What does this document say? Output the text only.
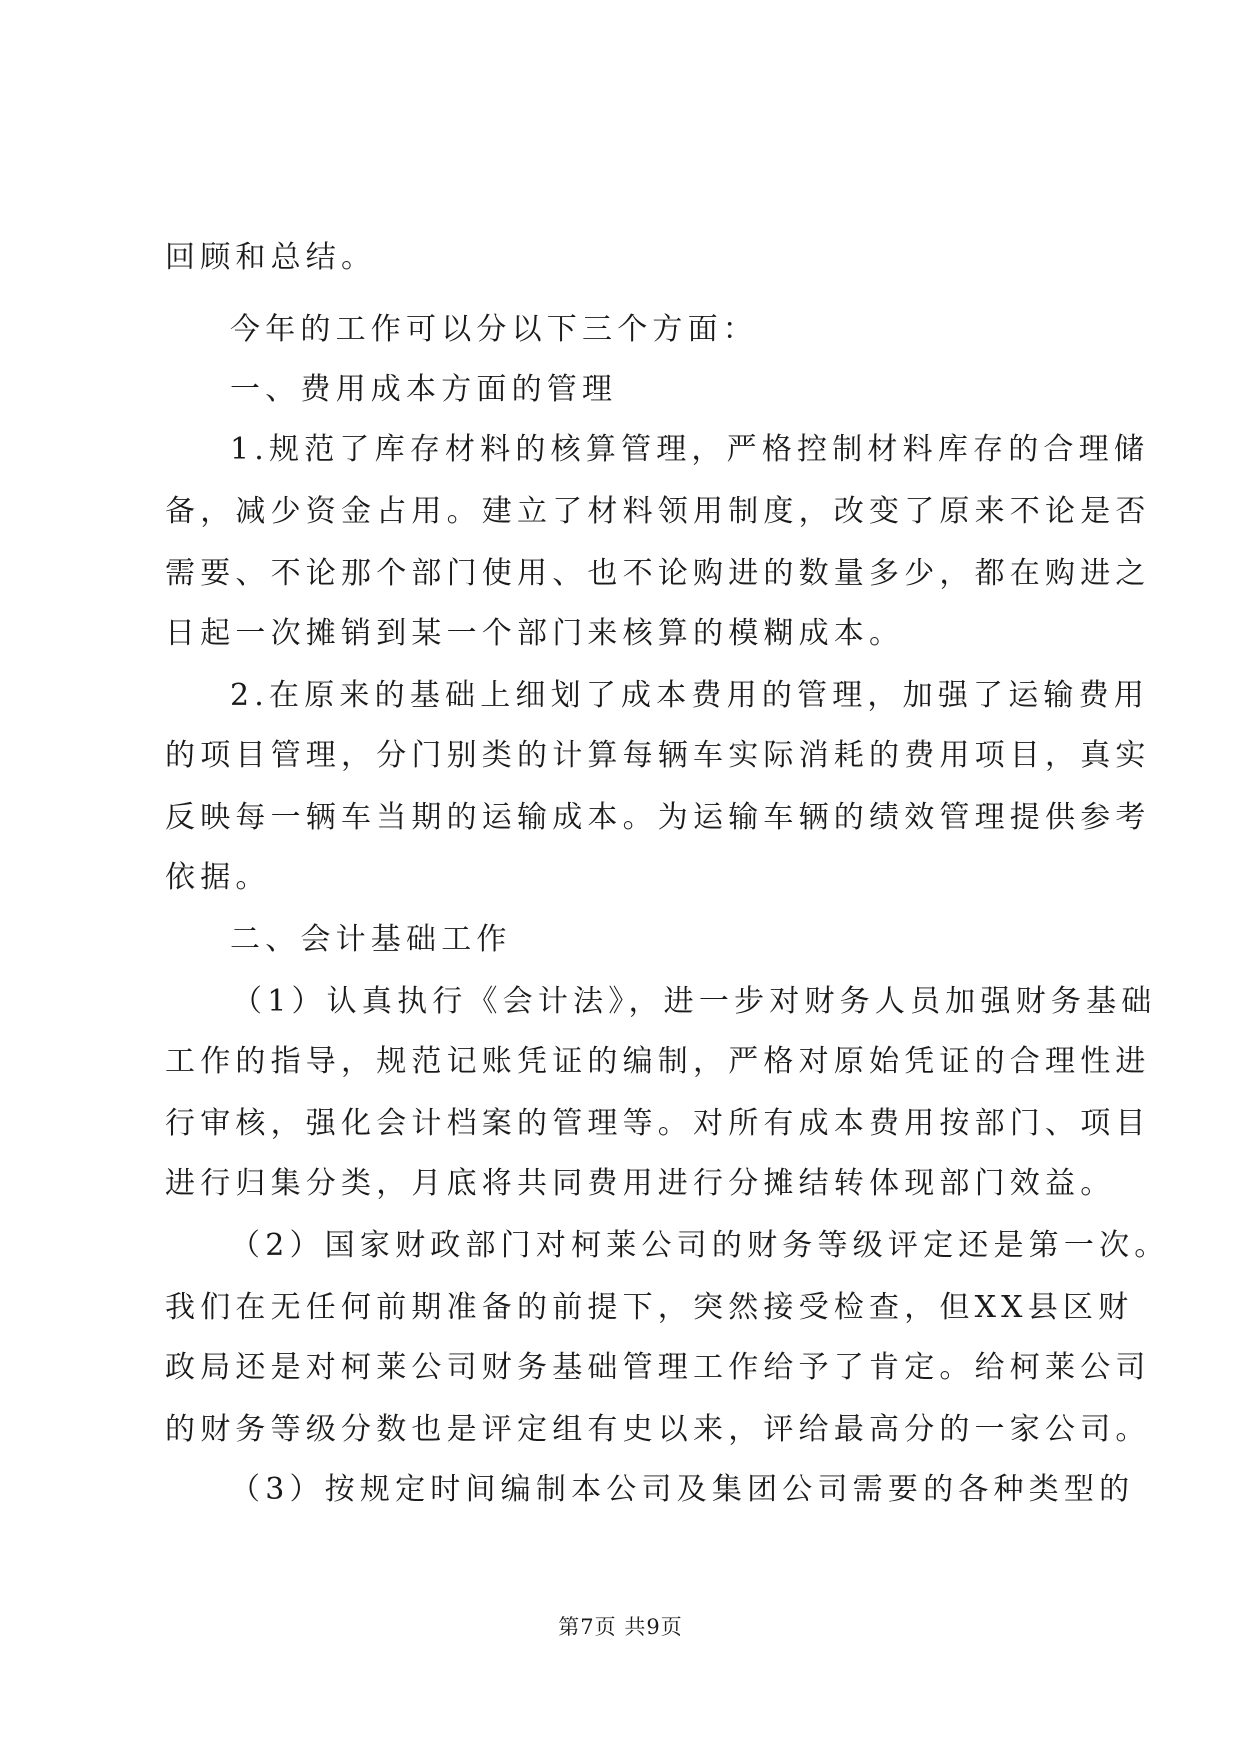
回顾和总结。
今年的工作可以分以下三个方面：
一、费用成本方面的管理
1.规范了库存材料的核算管理，严格控制材料库存的合理储
备，减少资金占用。建立了材料领用制度，改变了原来不论是否
需要、不论那个部门使用、也不论购进的数量多少，都在购进之
日起一次摊销到某一个部门来核算的模糊成本。
2.在原来的基础上细划了成本费用的管理，加强了运输费用
的项目管理，分门别类的计算每辆车实际消耗的费用项目，真实
反映每一辆车当期的运输成本。为运输车辆的绩效管理提供参考
依据。
二、会计基础工作
（1）认真执行《会计法》，进一步对财务人员加强财务基础
工作的指导，规范记账凭证的编制，严格对原始凭证的合理性进
行审核，强化会计档案的管理等。对所有成本费用按部门、项目
进行归集分类，月底将共同费用进行分摊结转体现部门效益。
（2）国家财政部门对柯莱公司的财务等级评定还是第一次。
我们在无任何前期准备的前提下，突然接受检查，但XX县区财
政局还是对柯莱公司财务基础管理工作给予了肯定。给柯莱公司
的财务等级分数也是评定组有史以来，评给最高分的一家公司。
（3）按规定时间编制本公司及集团公司需要的各种类型的
第7页 共9页
